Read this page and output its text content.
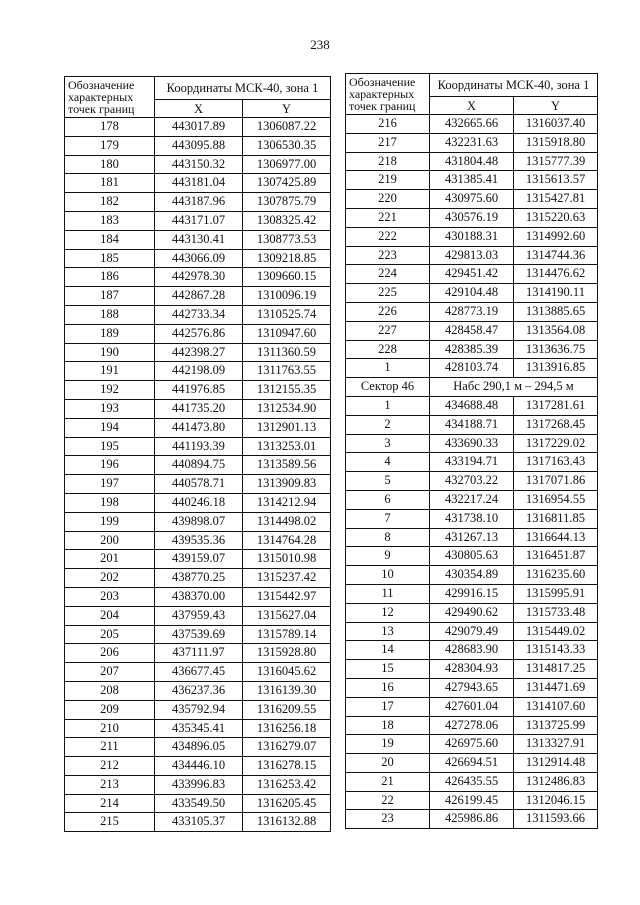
238
Обозначение характерных точек границ	Координаты МСК-40, зона 1	
	X	Y
178	443017.89	1306087.22
179	443095.88	1306530.35
180	443150.32	1306977.00
181	443181.04	1307425.89
182	443187.96	1307875.79
183	443171.07	1308325.42
184	443130.41	1308773.53
185	443066.09	1309218.85
186	442978.30	1309660.15
187	442867.28	1310096.19
188	442733.34	1310525.74
189	442576.86	1310947.60
190	442398.27	1311360.59
191	442198.09	1311763.55
192	441976.85	1312155.35
193	441735.20	1312534.90
194	441473.80	1312901.13
195	441193.39	1313253.01
196	440894.75	1313589.56
197	440578.71	1313909.83
198	440246.18	1314212.94
199	439898.07	1314498.02
200	439535.36	1314764.28
201	439159.07	1315010.98
202	438770.25	1315237.42
203	438370.00	1315442.97
204	437959.43	1315627.04
205	437539.69	1315789.14
206	437111.97	1315928.80
207	436677.45	1316045.62
208	436237.36	1316139.30
209	435792.94	1316209.55
210	435345.41	1316256.18
211	434896.05	1316279.07
212	434446.10	1316278.15
213	433996.83	1316253.42
214	433549.50	1316205.45
215	433105.37	1316132.88
Обозначение характерных точек границ	Координаты МСК-40, зона 1	
	X	Y
216	432665.66	1316037.40
217	432231.63	1315918.80
218	431804.48	1315777.39
219	431385.41	1315613.57
220	430975.60	1315427.81
221	430576.19	1315220.63
222	430188.31	1314992.60
223	429813.03	1314744.36
224	429451.42	1314476.62
225	429104.48	1314190.11
226	428773.19	1313885.65
227	428458.47	1313564.08
228	428385.39	1313636.75
1	428103.74	1313916.85
Сектор 46	Набс 290,1 м – 294,5 м	
1	434688.48	1317281.61
2	434188.71	1317268.45
3	433690.33	1317229.02
4	433194.71	1317163.43
5	432703.22	1317071.86
6	432217.24	1316954.55
7	431738.10	1316811.85
8	431267.13	1316644.13
9	430805.63	1316451.87
10	430354.89	1316235.60
11	429916.15	1315995.91
12	429490.62	1315733.48
13	429079.49	1315449.02
14	428683.90	1315143.33
15	428304.93	1314817.25
16	427943.65	1314471.69
17	427601.04	1314107.60
18	427278.06	1313725.99
19	426975.60	1313327.91
20	426694.51	1312914.48
21	426435.55	1312486.83
22	426199.45	1312046.15
23	425986.86	1311593.66
